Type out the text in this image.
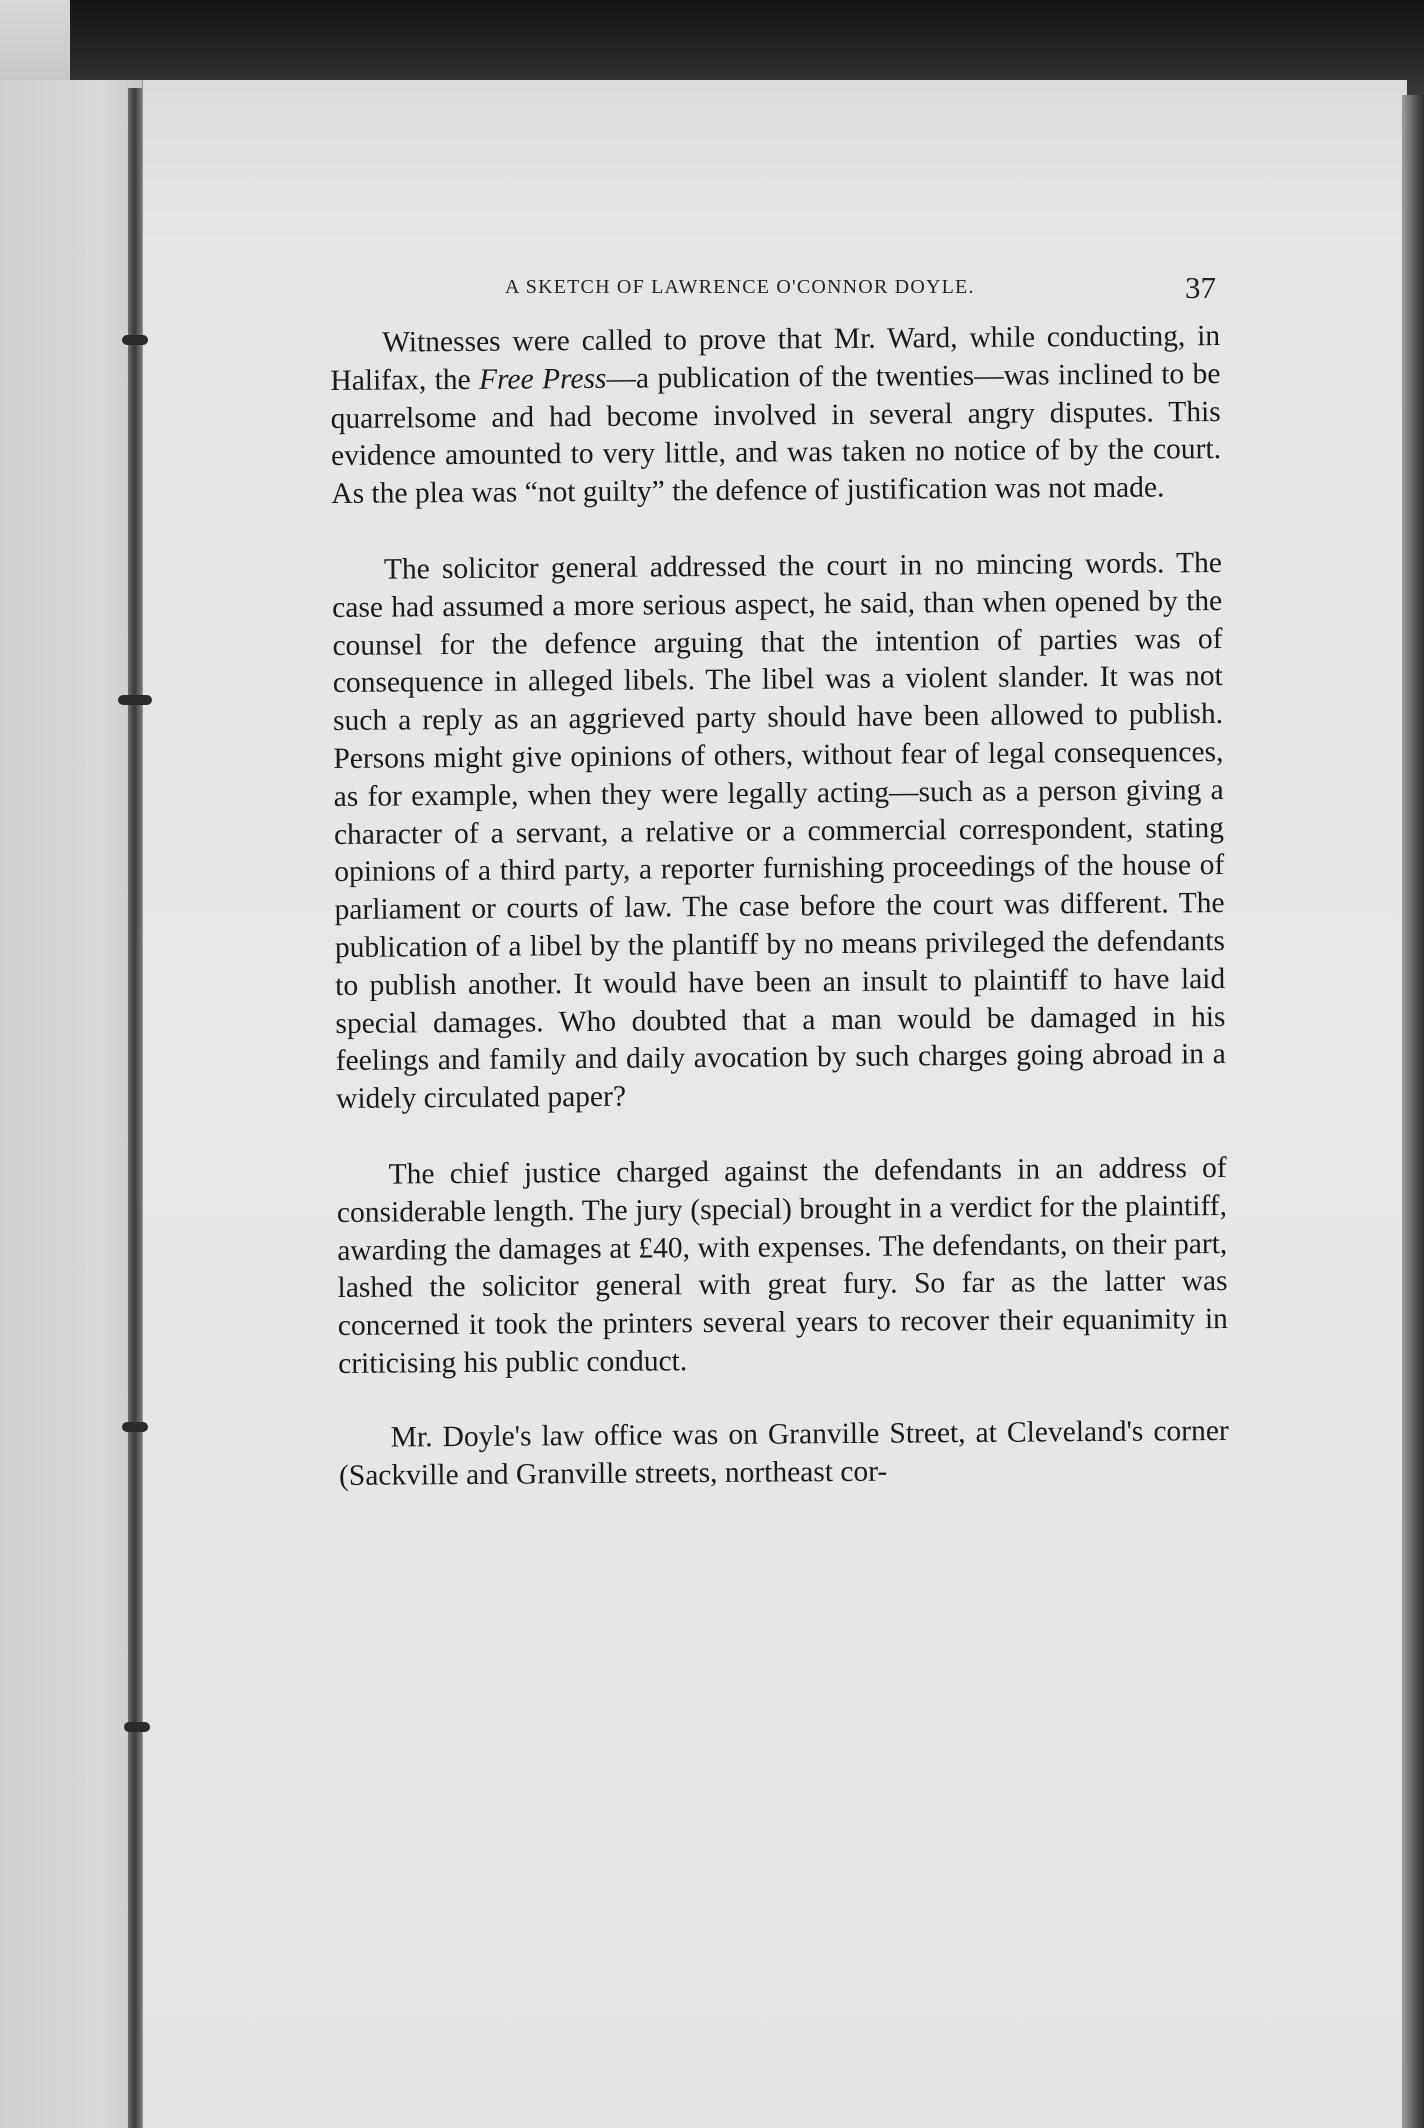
A SKETCH OF LAWRENCE O'CONNOR DOYLE.	37

Witnesses were called to prove that Mr. Ward, while conducting, in Halifax, the Free Press—a publication of the twenties—was inclined to be quarrelsome and had become involved in several angry disputes. This evidence amounted to very little, and was taken no notice of by the court. As the plea was “not guilty” the defence of justification was not made.

The solicitor general addressed the court in no mincing words. The case had assumed a more serious aspect, he said, than when opened by the counsel for the defence arguing that the intention of parties was of consequence in alleged libels. The libel was a violent slander. It was not such a reply as an aggrieved party should have been allowed to publish. Persons might give opinions of others, without fear of legal consequences, as for example, when they were legally acting—such as a person giving a character of a servant, a relative or a commercial correspondent, stating opinions of a third party, a reporter furnishing proceedings of the house of parliament or courts of law. The case before the court was different. The publication of a libel by the plantiff by no means privileged the defendants to publish another. It would have been an insult to plaintiff to have laid special damages. Who doubted that a man would be damaged in his feelings and family and daily avocation by such charges going abroad in a widely circulated paper?

The chief justice charged against the defendants in an address of considerable length. The jury (special) brought in a verdict for the plaintiff, awarding the damages at £40, with expenses. The defendants, on their part, lashed the solicitor general with great fury. So far as the latter was concerned it took the printers several years to recover their equanimity in criticising his public conduct.

Mr. Doyle's law office was on Granville Street, at Cleveland's corner (Sackville and Granville streets, northeast cor-
